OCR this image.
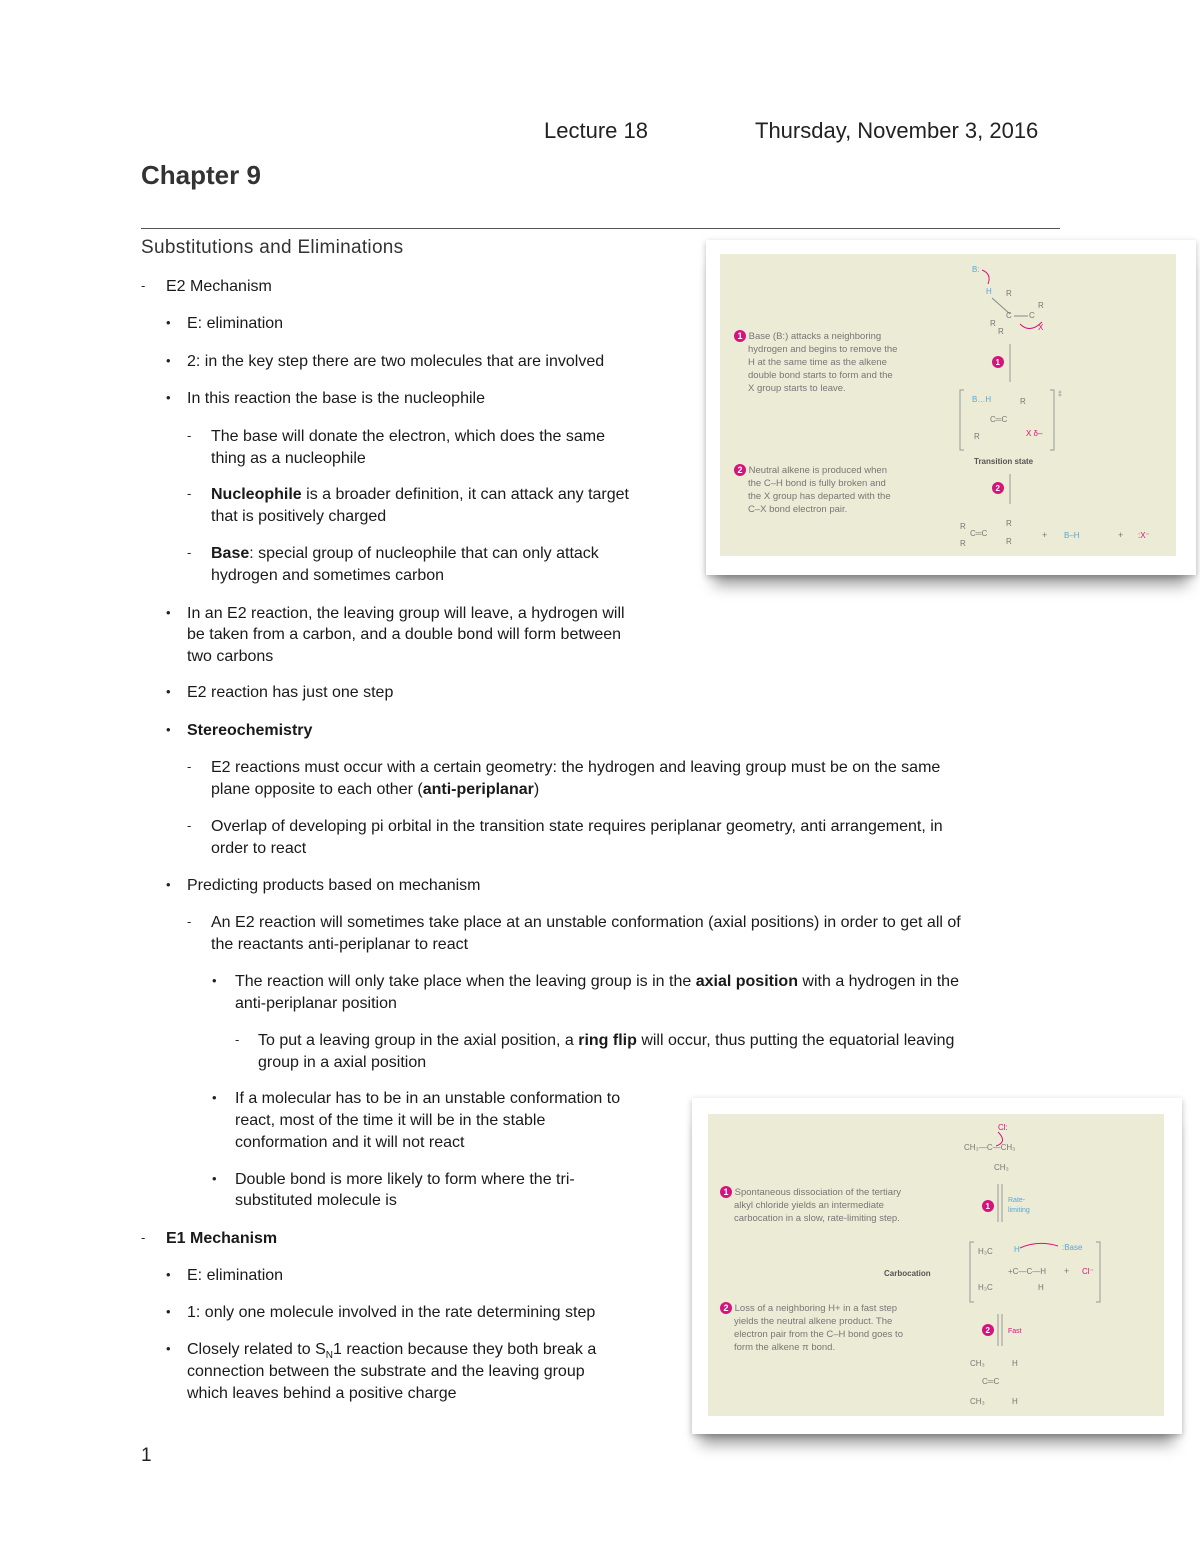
Lecture 18	Thursday, November 3, 2016
Chapter 9
Substitutions and Eliminations
- E2 Mechanism
• E: elimination
• 2: in the key step there are two molecules that are involved
• In this reaction the base is the nucleophile
- The base will donate the electron, which does the same
thing as a nucleophile
- Nucleophile is a broader definition, it can attack any target
that is positively charged
- Base: special group of nucleophile that can only attack
hydrogen and sometimes carbon
• In an E2 reaction, the leaving group will leave, a hydrogen will
be taken from a carbon, and a double bond will form between
two carbons
• E2 reaction has just one step
• Stereochemistry
- E2 reactions must occur with a certain geometry: the hydrogen and leaving group must be on the same
plane opposite to each other (anti-periplanar)
- Overlap of developing pi orbital in the transition state requires periplanar geometry, anti arrangement, in
order to react
• Predicting products based on mechanism
- An E2 reaction will sometimes take place at an unstable conformation (axial positions) in order to get all of
the reactants anti-periplanar to react
• The reaction will only take place when the leaving group is in the axial position with a hydrogen in the
anti-periplanar position
- To put a leaving group in the axial position, a ring flip will occur, thus putting the equatorial leaving
group in a axial position
• If a molecular has to be in an unstable conformation to
react, most of the time it will be in the stable
conformation and it will not react
• Double bond is more likely to form where the tri-
substituted molecule is
- E1 Mechanism
• E: elimination
• 1: only one molecule involved in the rate determining step
• Closely related to $S_N1$ reaction because they both break a
connection between the substrate and the leaving group
which leaves behind a positive charge
B:
H R
C C
R
R
R	X
1
‡
B…H
C═C
R
X δ–
R
Transition state
2
R
C═C
R
R
R
+ B–H	+ :X⁻
1 Base (B:) attacks a neighboring
hydrogen and begins to remove the
H at the same time as the alkene
double bond starts to form and the
X group starts to leave.
2 Neutral alkene is produced when
the C–H bond is fully broken and
the X group has departed with the
C–X bond electron pair.
Cl:
CH₃—C—CH₃
CH₃
1
Rate-
limiting
H₃C	H	:Base
+C—C—H
H₃C	H
+ Cl⁻
Carbocation
2	Fast
CH₃	H
C═C
CH₃	H
1 Spontaneous dissociation of the tertiary
alkyl chloride yields an intermediate
carbocation in a slow, rate-limiting step.
2 Loss of a neighboring H+ in a fast step
yields the neutral alkene product. The
electron pair from the C–H bond goes to
form the alkene π bond.
1
